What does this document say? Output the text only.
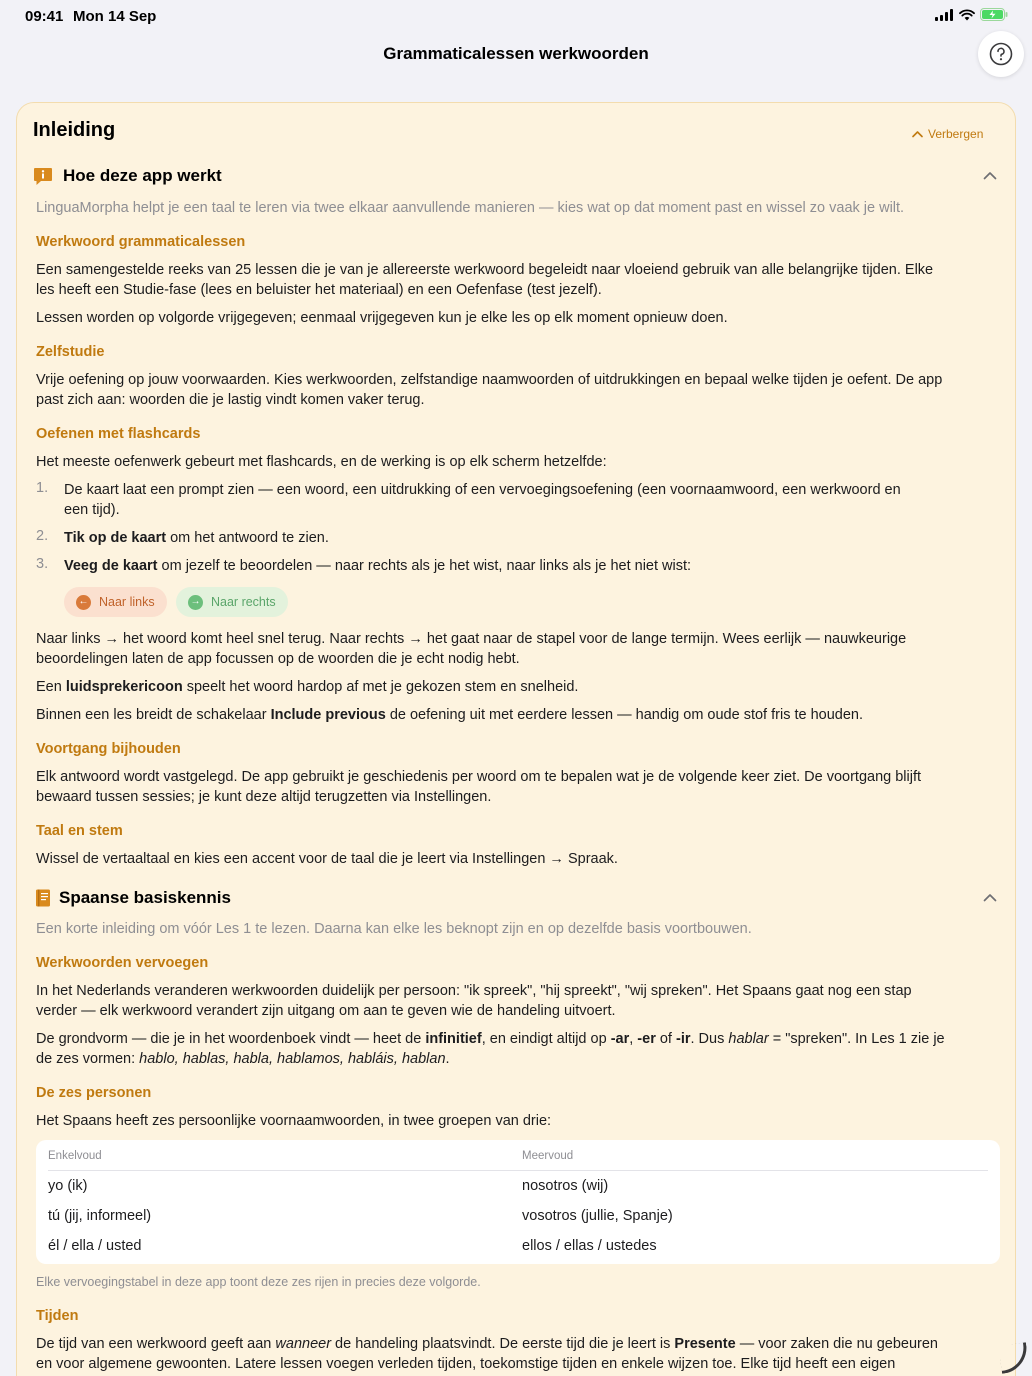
09:41 Mon 14 Sep
Grammaticalessen werkwoorden
Inleiding	Verbergen
Hoe deze app werkt
LinguaMorpha helpt je een taal te leren via twee elkaar aanvullende manieren — kies wat op dat moment past en wissel zo vaak je wilt.
Werkwoord grammaticalessen
Een samengestelde reeks van 25 lessen die je van je allereerste werkwoord begeleidt naar vloeiend gebruik van alle belangrijke tijden. Elke
les heeft een Studie-fase (lees en beluister het materiaal) en een Oefenfase (test jezelf).
Lessen worden op volgorde vrijgegeven; eenmaal vrijgegeven kun je elke les op elk moment opnieuw doen.
Zelfstudie
Vrije oefening op jouw voorwaarden. Kies werkwoorden, zelfstandige naamwoorden of uitdrukkingen en bepaal welke tijden je oefent. De app
past zich aan: woorden die je lastig vindt komen vaker terug.
Oefenen met flashcards
Het meeste oefenwerk gebeurt met flashcards, en de werking is op elk scherm hetzelfde:
1. De kaart laat een prompt zien — een woord, een uitdrukking of een vervoegingsoefening (een voornaamwoord, een werkwoord en
een tijd).
2. Tik op de kaart om het antwoord te zien.
3. Veeg de kaart om jezelf te beoordelen — naar rechts als je het wist, naar links als je het niet wist:
← Naar links	→ Naar rechts
Naar links → het woord komt heel snel terug. Naar rechts → het gaat naar de stapel voor de lange termijn. Wees eerlijk — nauwkeurige
beoordelingen laten de app focussen op de woorden die je echt nodig hebt.
Een luidsprekericoon speelt het woord hardop af met je gekozen stem en snelheid.
Binnen een les breidt de schakelaar Include previous de oefening uit met eerdere lessen — handig om oude stof fris te houden.
Voortgang bijhouden
Elk antwoord wordt vastgelegd. De app gebruikt je geschiedenis per woord om te bepalen wat je de volgende keer ziet. De voortgang blijft
bewaard tussen sessies; je kunt deze altijd terugzetten via Instellingen.
Taal en stem
Wissel de vertaaltaal en kies een accent voor de taal die je leert via Instellingen → Spraak.
Spaanse basiskennis
Een korte inleiding om vóór Les 1 te lezen. Daarna kan elke les beknopt zijn en op dezelfde basis voortbouwen.
Werkwoorden vervoegen
In het Nederlands veranderen werkwoorden duidelijk per persoon: "ik spreek", "hij spreekt", "wij spreken". Het Spaans gaat nog een stap
verder — elk werkwoord verandert zijn uitgang om aan te geven wie de handeling uitvoert.
De grondvorm — die je in het woordenboek vindt — heet de infinitief, en eindigt altijd op -ar, -er of -ir. Dus hablar = "spreken". In Les 1 zie je
de zes vormen: hablo, hablas, habla, hablamos, habláis, hablan.
De zes personen
Het Spaans heeft zes persoonlijke voornaamwoorden, in twee groepen van drie:
Enkelvoud	Meervoud
yo (ik)	nosotros (wij)
tú (jij, informeel)	vosotros (jullie, Spanje)
él / ella / usted	ellos / ellas / ustedes
Elke vervoegingstabel in deze app toont deze zes rijen in precies deze volgorde.
Tijden
De tijd van een werkwoord geeft aan wanneer de handeling plaatsvindt. De eerste tijd die je leert is Presente — voor zaken die nu gebeuren
en voor algemene gewoonten. Latere lessen voegen verleden tijden, toekomstige tijden en enkele wijzen toe. Elke tijd heeft een eigen
